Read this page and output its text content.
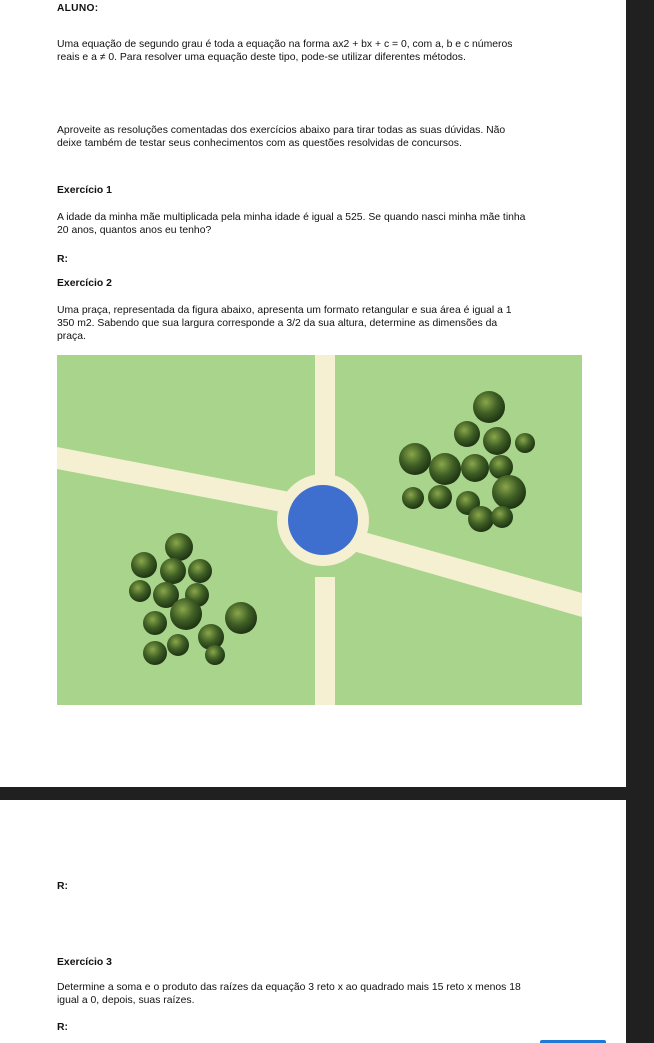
ALUNO:

Uma equação de segundo grau é toda a equação na forma ax2 + bx + c = 0, com a, b e c números reais e a ≠ 0. Para resolver uma equação deste tipo, pode-se utilizar diferentes métodos.

Aproveite as resoluções comentadas dos exercícios abaixo para tirar todas as suas dúvidas. Não deixe também de testar seus conhecimentos com as questões resolvidas de concursos.

Exercício 1

A idade da minha mãe multiplicada pela minha idade é igual a 525. Se quando nasci minha mãe tinha 20 anos, quantos anos eu tenho?

R:

Exercício 2

Uma praça, representada da figura abaixo, apresenta um formato retangular e sua área é igual a 1 350 m2. Sabendo que sua largura corresponde a 3/2 da sua altura, determine as dimensões da praça.

R:

Exercício 3

Determine a soma e o produto das raízes da equação 3 reto x ao quadrado mais 15 reto x menos 18 igual a 0, depois, suas raízes.

R:
